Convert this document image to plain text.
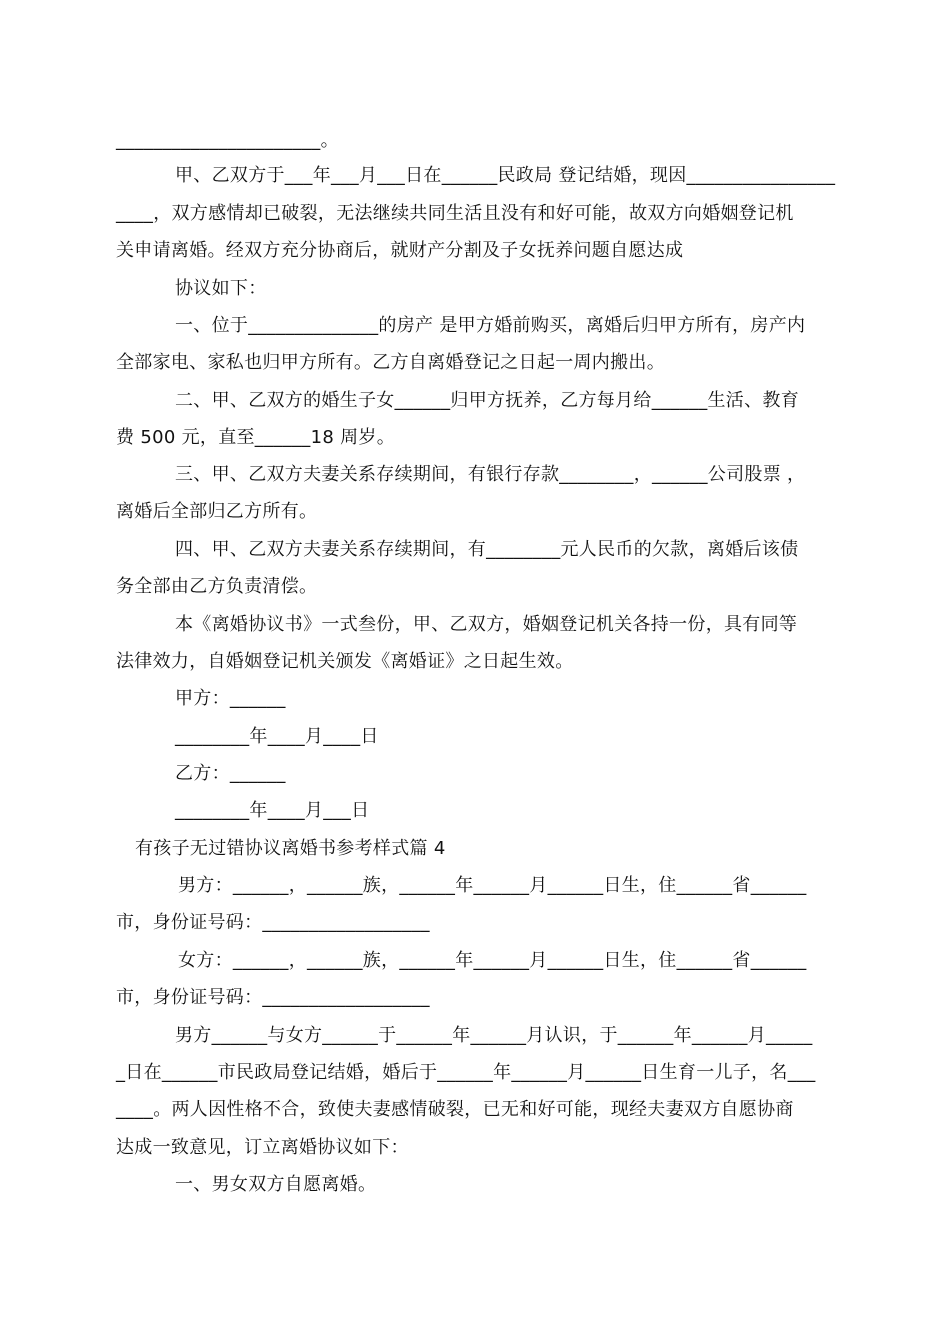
______________________。
甲、乙双方于___年___月___日在______民政局 登记结婚，现因________________
____，双方感情却已破裂，无法继续共同生活且没有和好可能，故双方向婚姻登记机
关申请离婚。经双方充分协商后，就财产分割及子女抚养问题自愿达成
协议如下：
一、位于______________的房产 是甲方婚前购买，离婚后归甲方所有，房产内
全部家电、家私也归甲方所有。乙方自离婚登记之日起一周内搬出。
二、甲、乙双方的婚生子女______归甲方抚养，乙方每月给______生活、教育
费 500 元，直至______18 周岁。
三、甲、乙双方夫妻关系存续期间，有银行存款________，______公司股票 ，
离婚后全部归乙方所有。
四、甲、乙双方夫妻关系存续期间，有________元人民币的欠款，离婚后该债
务全部由乙方负责清偿。
本《离婚协议书》一式叁份，甲、乙双方，婚姻登记机关各持一份，具有同等
法律效力，自婚姻登记机关颁发《离婚证》之日起生效。
甲方：______
________年____月____日
乙方：______
________年____月___日
有孩子无过错协议离婚书参考样式篇 4
男方：______，______族，______年______月______日生，住______省______
市，身份证号码：__________________
女方：______，______族，______年______月______日生，住______省______
市，身份证号码：__________________
男方______与女方______于______年______月认识，于______年______月_____
_日在______市民政局登记结婚，婚后于______年______月______日生育一儿子，名___
____。两人因性格不合，致使夫妻感情破裂，已无和好可能，现经夫妻双方自愿协商
达成一致意见，订立离婚协议如下：
一、男女双方自愿离婚。
